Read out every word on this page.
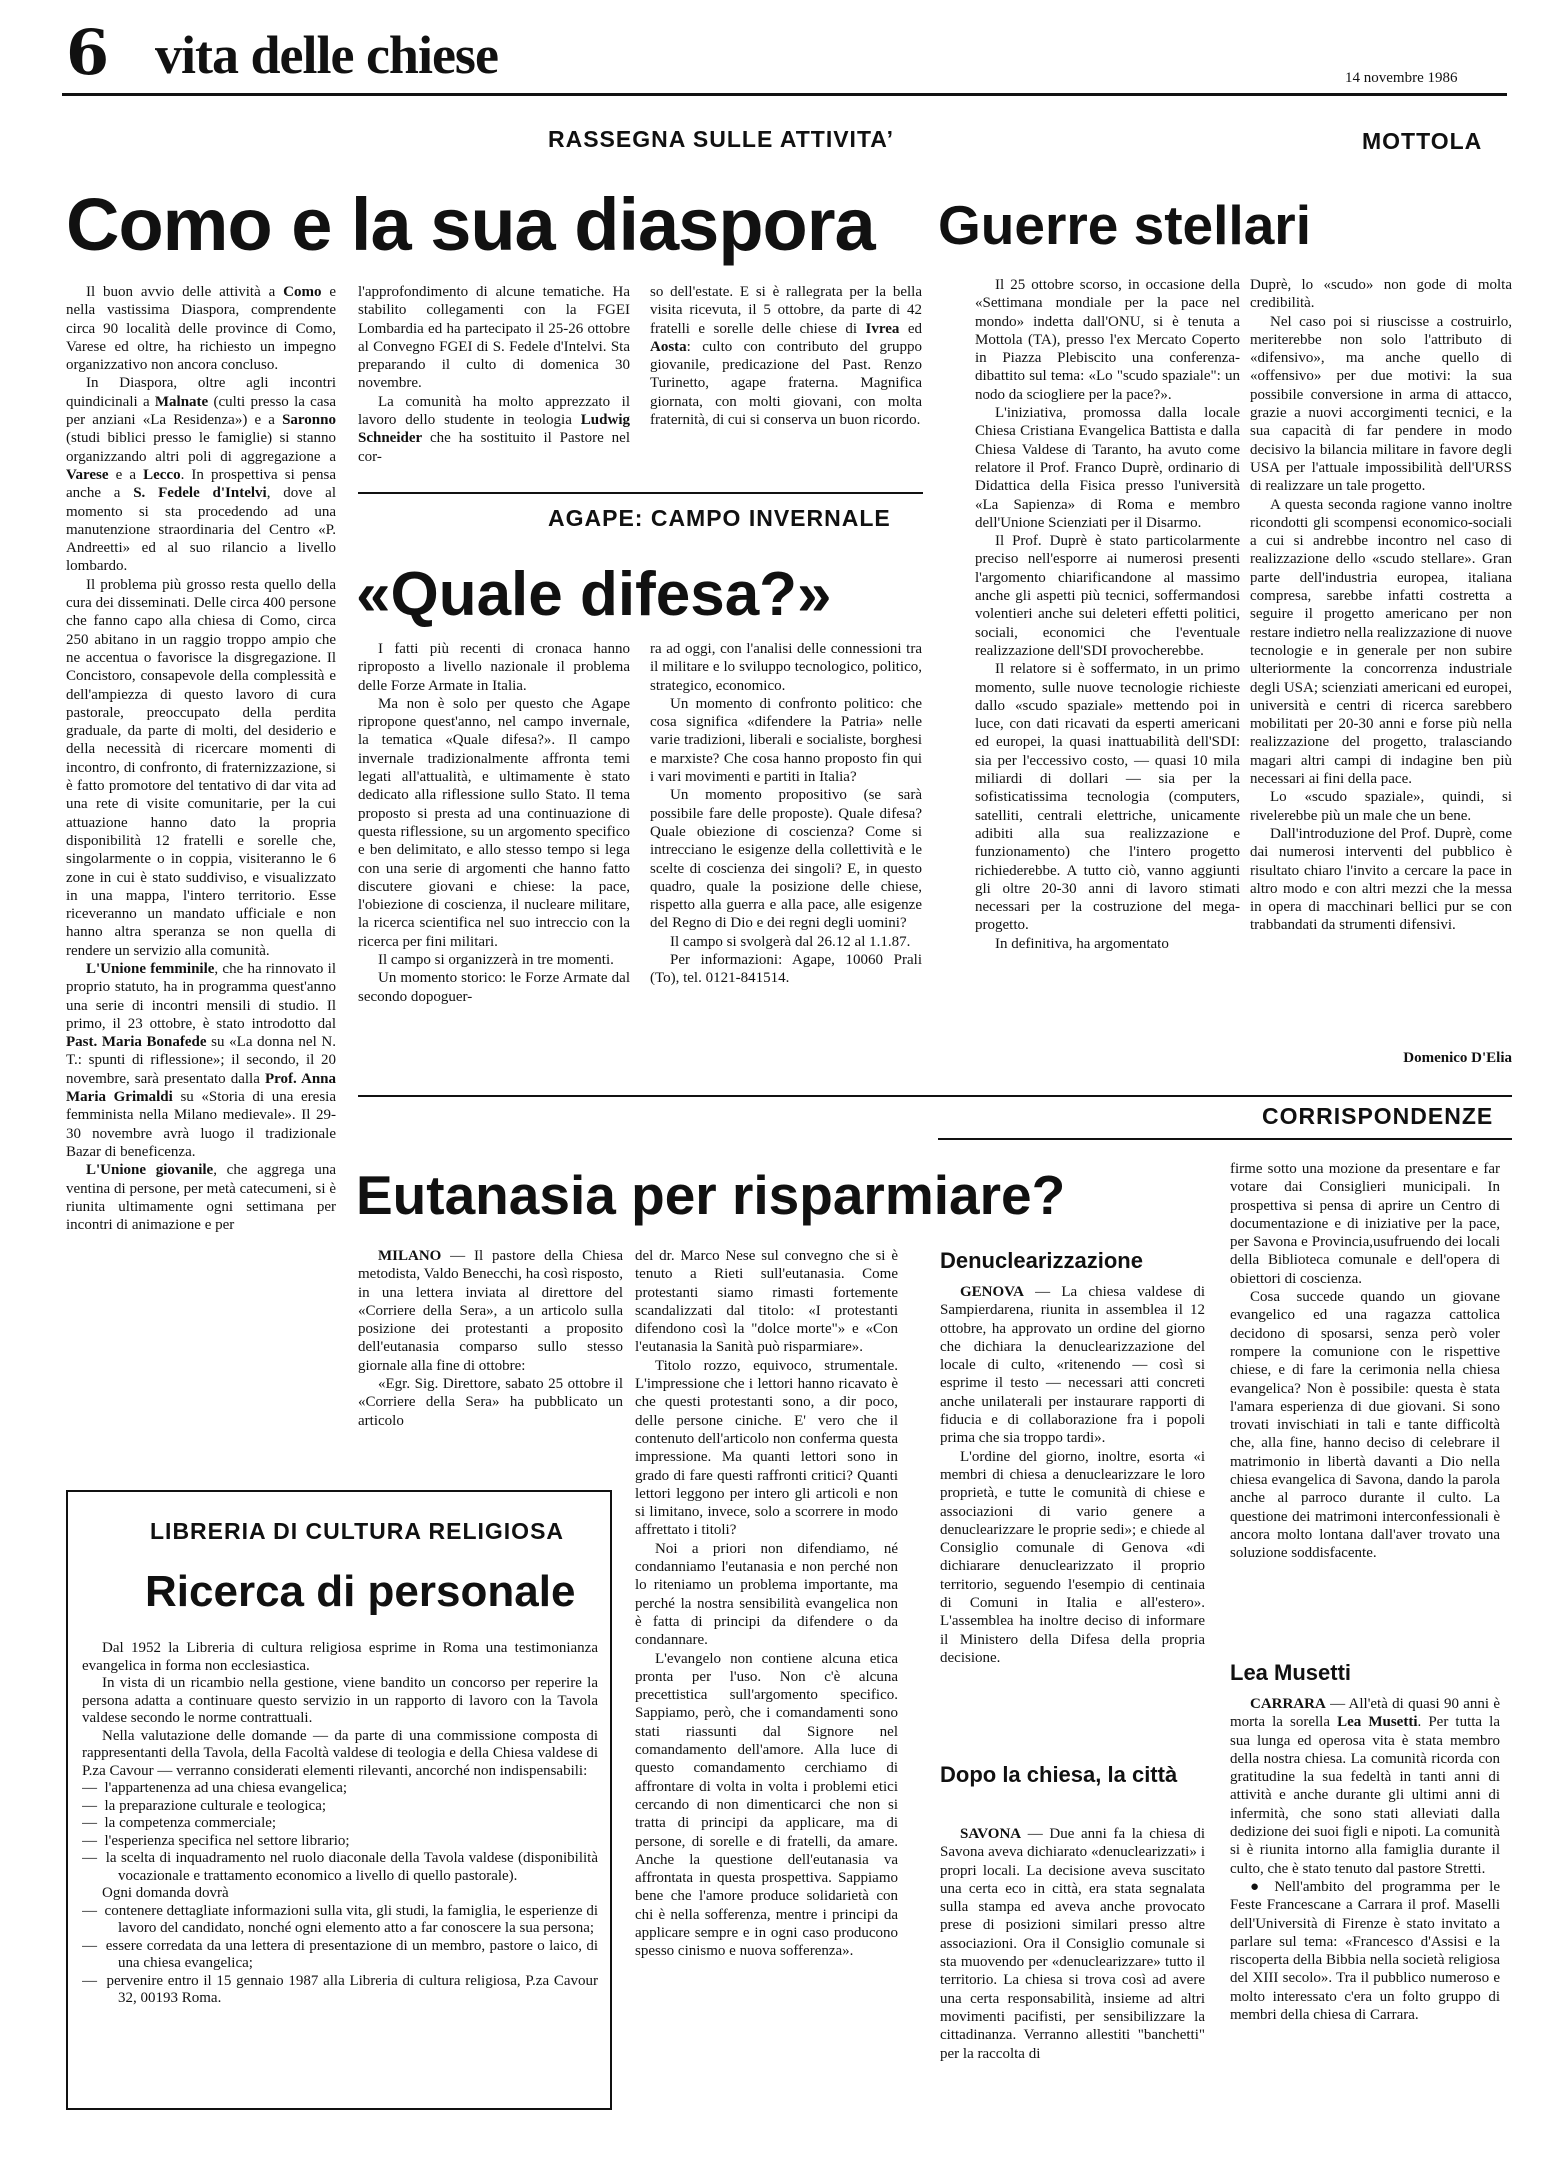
6 vita delle chiese	14 novembre 1986
RASSEGNA SULLE ATTIVITA’
Como e la sua diaspora

Il buon avvio delle attività a Como e nella vastissima Diaspora, comprendente circa 90 località delle province di Como, Varese ed oltre, ha richiesto un impegno organizzativo non ancora concluso.

In Diaspora, oltre agli incontri quindicinali a Malnate (culti presso la casa per anziani «La Residenza») e a Saronno (studi biblici presso le famiglie) si stanno organizzando altri poli di aggregazione a Varese e a Lecco. In prospettiva si pensa anche a S. Fedele d'Intelvi, dove al momento si sta procedendo ad una manutenzione straordinaria del Centro «P. Andreetti» ed al suo rilancio a livello lombardo.

Il problema più grosso resta quello della cura dei disseminati. Delle circa 400 persone che fanno capo alla chiesa di Como, circa 250 abitano in un raggio troppo ampio che ne accentua o favorisce la disgregazione. Il Concistoro, consapevole della complessità e dell'ampiezza di questo lavoro di cura pastorale, preoccupato della perdita graduale, da parte di molti, del desiderio e della necessità di ricercare momenti di incontro, di confronto, di fraternizzazione, si è fatto promotore del tentativo di dar vita ad una rete di visite comunitarie, per la cui attuazione hanno dato la propria disponibilità 12 fratelli e sorelle che, singolarmente o in coppia, visiteranno le 6 zone in cui è stato suddiviso, e visualizzato in una mappa, l'intero territorio. Esse riceveranno un mandato ufficiale e non hanno altra speranza se non quella di rendere un servizio alla comunità.

L'Unione femminile, che ha rinnovato il proprio statuto, ha in programma quest'anno una serie di incontri mensili di studio. Il primo, il 23 ottobre, è stato introdotto dal Past. Maria Bonafede su «La donna nel N. T.: spunti di riflessione»; il secondo, il 20 novembre, sarà presentato dalla Prof. Anna Maria Grimaldi su «Storia di una eresia femminista nella Milano medievale». Il 29-30 novembre avrà luogo il tradizionale Bazar di beneficenza.

L'Unione giovanile, che aggrega una ventina di persone, per metà catecumeni, si è riunita ultimamente ogni settimana per incontri di animazione e per

l'approfondimento di alcune tematiche. Ha stabilito collegamenti con la FGEI Lombardia ed ha partecipato il 25-26 ottobre al Convegno FGEI di S. Fedele d'Intelvi. Sta preparando il culto di domenica 30 novembre.

La comunità ha molto apprezzato il lavoro dello studente in teologia Ludwig Schneider che ha sostituito il Pastore nel cor-

so dell'estate. E si è rallegrata per la bella visita ricevuta, il 5 ottobre, da parte di 42 fratelli e sorelle delle chiese di Ivrea ed Aosta: culto con contributo del gruppo giovanile, predicazione del Past. Renzo Turinetto, agape fraterna. Magnifica giornata, con molti giovani, con molta fraternità, di cui si conserva un buon ricordo.

AGAPE: CAMPO INVERNALE
«Quale difesa?»

I fatti più recenti di cronaca hanno riproposto a livello nazionale il problema delle Forze Armate in Italia.

Ma non è solo per questo che Agape ripropone quest'anno, nel campo invernale, la tematica «Quale difesa?». Il campo invernale tradizionalmente affronta temi legati all'attualità, e ultimamente è stato dedicato alla riflessione sullo Stato. Il tema proposto si presta ad una continuazione di questa riflessione, su un argomento specifico e ben delimitato, e allo stesso tempo si lega con una serie di argomenti che hanno fatto discutere giovani e chiese: la pace, l'obiezione di coscienza, il nucleare militare, la ricerca scientifica nel suo intreccio con la ricerca per fini militari.

Il campo si organizzerà in tre momenti.

Un momento storico: le Forze Armate dal secondo dopoguer-

ra ad oggi, con l'analisi delle connessioni tra il militare e lo sviluppo tecnologico, politico, strategico, economico.

Un momento di confronto politico: che cosa significa «difendere la Patria» nelle varie tradizioni, liberali e socialiste, borghesi e marxiste? Che cosa hanno proposto fin qui i vari movimenti e partiti in Italia?

Un momento propositivo (se sarà possibile fare delle proposte). Quale difesa? Quale obiezione di coscienza? Come si intrecciano le esigenze della collettività e le scelte di coscienza dei singoli? E, in questo quadro, quale la posizione delle chiese, rispetto alla guerra e alla pace, alle esigenze del Regno di Dio e dei regni degli uomini?

Il campo si svolgerà dal 26.12 al 1.1.87.

Per informazioni: Agape, 10060 Prali (To), tel. 0121-841514.

MOTTOLA
Guerre stellari

Il 25 ottobre scorso, in occasione della «Settimana mondiale per la pace nel mondo» indetta dall'ONU, si è tenuta a Mottola (TA), presso l'ex Mercato Coperto in Piazza Plebiscito una conferenza-dibattito sul tema: «Lo "scudo spaziale": un nodo da sciogliere per la pace?».

L'iniziativa, promossa dalla locale Chiesa Cristiana Evangelica Battista e dalla Chiesa Valdese di Taranto, ha avuto come relatore il Prof. Franco Duprè, ordinario di Didattica della Fisica presso l'università «La Sapienza» di Roma e membro dell'Unione Scienziati per il Disarmo.

Il Prof. Duprè è stato particolarmente preciso nell'esporre ai numerosi presenti l'argomento chiarificandone al massimo anche gli aspetti più tecnici, soffermandosi volentieri anche sui deleteri effetti politici, sociali, economici che l'eventuale realizzazione dell'SDI provocherebbe.

Il relatore si è soffermato, in un primo momento, sulle nuove tecnologie richieste dallo «scudo spaziale» mettendo poi in luce, con dati ricavati da esperti americani ed europei, la quasi inattuabilità dell'SDI: sia per l'eccessivo costo, — quasi 10 mila miliardi di dollari — sia per la sofisticatissima tecnologia (computers, satelliti, centrali elettriche, unicamente adibiti alla sua realizzazione e funzionamento) che l'intero progetto richiederebbe. A tutto ciò, vanno aggiunti gli oltre 20-30 anni di lavoro stimati necessari per la costruzione del mega-progetto.

In definitiva, ha argomentato

Duprè, lo «scudo» non gode di molta credibilità.

Nel caso poi si riuscisse a costruirlo, meriterebbe non solo l'attributo di «difensivo», ma anche quello di «offensivo» per due motivi: la sua possibile conversione in arma di attacco, grazie a nuovi accorgimenti tecnici, e la sua capacità di far pendere in modo decisivo la bilancia militare in favore degli USA per l'attuale impossibilità dell'URSS di realizzare un tale progetto.

A questa seconda ragione vanno inoltre ricondotti gli scompensi economico-sociali a cui si andrebbe incontro nel caso di realizzazione dello «scudo stellare». Gran parte dell'industria europea, italiana compresa, sarebbe infatti costretta a seguire il progetto americano per non restare indietro nella realizzazione di nuove tecnologie e in generale per non subire ulteriormente la concorrenza industriale degli USA; scienziati americani ed europei, università e centri di ricerca sarebbero mobilitati per 20-30 anni e forse più nella realizzazione del progetto, tralasciando magari altri campi di indagine ben più necessari ai fini della pace.

Lo «scudo spaziale», quindi, si rivelerebbe più un male che un bene.

Dall'introduzione del Prof. Duprè, come dai numerosi interventi del pubblico è risultato chiaro l'invito a cercare la pace in altro modo e con altri mezzi che la messa in opera di macchinari bellici pur se con trabbandati da strumenti difensivi.

Domenico D'Elia
Eutanasia per risparmiare?

MILANO — Il pastore della Chiesa metodista, Valdo Benecchi, ha così risposto, in una lettera inviata al direttore del «Corriere della Sera», a un articolo sulla posizione dei protestanti a proposito dell'eutanasia comparso sullo stesso giornale alla fine di ottobre:

«Egr. Sig. Direttore, sabato 25 ottobre il «Corriere della Sera» ha pubblicato un articolo

del dr. Marco Nese sul convegno che si è tenuto a Rieti sull'eutanasia. Come protestanti siamo rimasti fortemente scandalizzati dal titolo: «I protestanti difendono così la "dolce morte"» e «Con l'eutanasia la Sanità può risparmiare».

Titolo rozzo, equivoco, strumentale. L'impressione che i lettori hanno ricavato è che questi protestanti sono, a dir poco, delle persone ciniche. E' vero che il contenuto dell'articolo non conferma questa impressione. Ma quanti lettori sono in grado di fare questi raffronti critici? Quanti lettori leggono per intero gli articoli e non si limitano, invece, solo a scorrere in modo affrettato i titoli?

Noi a priori non difendiamo, né condanniamo l'eutanasia e non perché non lo riteniamo un problema importante, ma perché la nostra sensibilità evangelica non è fatta di principi da difendere o da condannare.

L'evangelo non contiene alcuna etica pronta per l'uso. Non c'è alcuna precettistica sull'argomento specifico. Sappiamo, però, che i comandamenti sono stati riassunti dal Signore nel comandamento dell'amore. Alla luce di questo comandamento cerchiamo di affrontare di volta in volta i problemi etici cercando di non dimenticarci che non si tratta di principi da applicare, ma di persone, di sorelle e di fratelli, da amare. Anche la questione dell'eutanasia va affrontata in questa prospettiva. Sappiamo bene che l'amore produce solidarietà con chi è nella sofferenza, mentre i principi da applicare sempre e in ogni caso producono spesso cinismo e nuova sofferenza».

LIBRERIA DI CULTURA RELIGIOSA
Ricerca di personale

Dal 1952 la Libreria di cultura religiosa esprime in Roma una testimonianza evangelica in forma non ecclesiastica.

In vista di un ricambio nella gestione, viene bandito un concorso per reperire la persona adatta a continuare questo servizio in un rapporto di lavoro con la Tavola valdese secondo le norme contrattuali.

Nella valutazione delle domande — da parte di una commissione composta di rappresentanti della Tavola, della Facoltà valdese di teologia e della Chiesa valdese di P.za Cavour — verranno considerati elementi rilevanti, ancorché non indispensabili:

—  l'appartenenza ad una chiesa evangelica;
—  la preparazione culturale e teologica;
—  la competenza commerciale;
—  l'esperienza specifica nel settore librario;
—  la scelta di inquadramento nel ruolo diaconale della Tavola valdese (disponibilità vocazionale e trattamento economico a livello di quello pastorale).

Ogni domanda dovrà

—  contenere dettagliate informazioni sulla vita, gli studi, la famiglia, le esperienze di lavoro del candidato, nonché ogni elemento atto a far conoscere la sua persona;
—  essere corredata da una lettera di presentazione di un membro, pastore o laico, di una chiesa evangelica;
—  pervenire entro il 15 gennaio 1987 alla Libreria di cultura religiosa, P.za Cavour 32, 00193 Roma.
CORRISPONDENZE
Denuclearizzazione

GENOVA — La chiesa valdese di Sampierdarena, riunita in assemblea il 12 ottobre, ha approvato un ordine del giorno che dichiara la denuclearizzazione del locale di culto, «ritenendo — così si esprime il testo — necessari atti concreti anche unilaterali per instaurare rapporti di fiducia e di collaborazione fra i popoli prima che sia troppo tardi».

L'ordine del giorno, inoltre, esorta «i membri di chiesa a denuclearizzare le loro proprietà, e tutte le comunità di chiese e associazioni di vario genere a denuclearizzare le proprie sedi»; e chiede al Consiglio comunale di Genova «di dichiarare denuclearizzato il proprio territorio, seguendo l'esempio di centinaia di Comuni in Italia e all'estero». L'assemblea ha inoltre deciso di informare il Ministero della Difesa della propria decisione.

Dopo la chiesa, la città

SAVONA — Due anni fa la chiesa di Savona aveva dichiarato «denuclearizzati» i propri locali. La decisione aveva suscitato una certa eco in città, era stata segnalata sulla stampa ed aveva anche provocato prese di posizioni similari presso altre associazioni. Ora il Consiglio comunale si sta muovendo per «denuclearizzare» tutto il territorio. La chiesa si trova così ad avere una certa responsabilità, insieme ad altri movimenti pacifisti, per sensibilizzare la cittadinanza. Verranno allestiti "banchetti" per la raccolta di

firme sotto una mozione da presentare e far votare dai Consiglieri municipali. In prospettiva si pensa di aprire un Centro di documentazione e di iniziative per la pace, per Savona e Provincia,usufruendo dei locali della Biblioteca comunale e dell'opera di obiettori di coscienza.

Cosa succede quando un giovane evangelico ed una ragazza cattolica decidono di sposarsi, senza però voler rompere la comunione con le rispettive chiese, e di fare la cerimonia nella chiesa evangelica? Non è possibile: questa è stata l'amara esperienza di due giovani. Si sono trovati invischiati in tali e tante difficoltà che, alla fine, hanno deciso di celebrare il matrimonio in libertà davanti a Dio nella chiesa evangelica di Savona, dando la parola anche al parroco durante il culto. La questione dei matrimoni interconfessionali è ancora molto lontana dall'aver trovato una soluzione soddisfacente.

Lea Musetti

CARRARA — All'età di quasi 90 anni è morta la sorella Lea Musetti. Per tutta la sua lunga ed operosa vita è stata membro della nostra chiesa. La comunità ricorda con gratitudine la sua fedeltà in tanti anni di attività e anche durante gli ultimi anni di infermità, che sono stati alleviati dalla dedizione dei suoi figli e nipoti. La comunità si è riunita intorno alla famiglia durante il culto, che è stato tenuto dal pastore Stretti.

● Nell'ambito del programma per le Feste Francescane a Carrara il prof. Maselli dell'Università di Firenze è stato invitato a parlare sul tema: «Francesco d'Assisi e la riscoperta della Bibbia nella società religiosa del XIII secolo». Tra il pubblico numeroso e molto interessato c'era un folto gruppo di membri della chiesa di Carrara.
